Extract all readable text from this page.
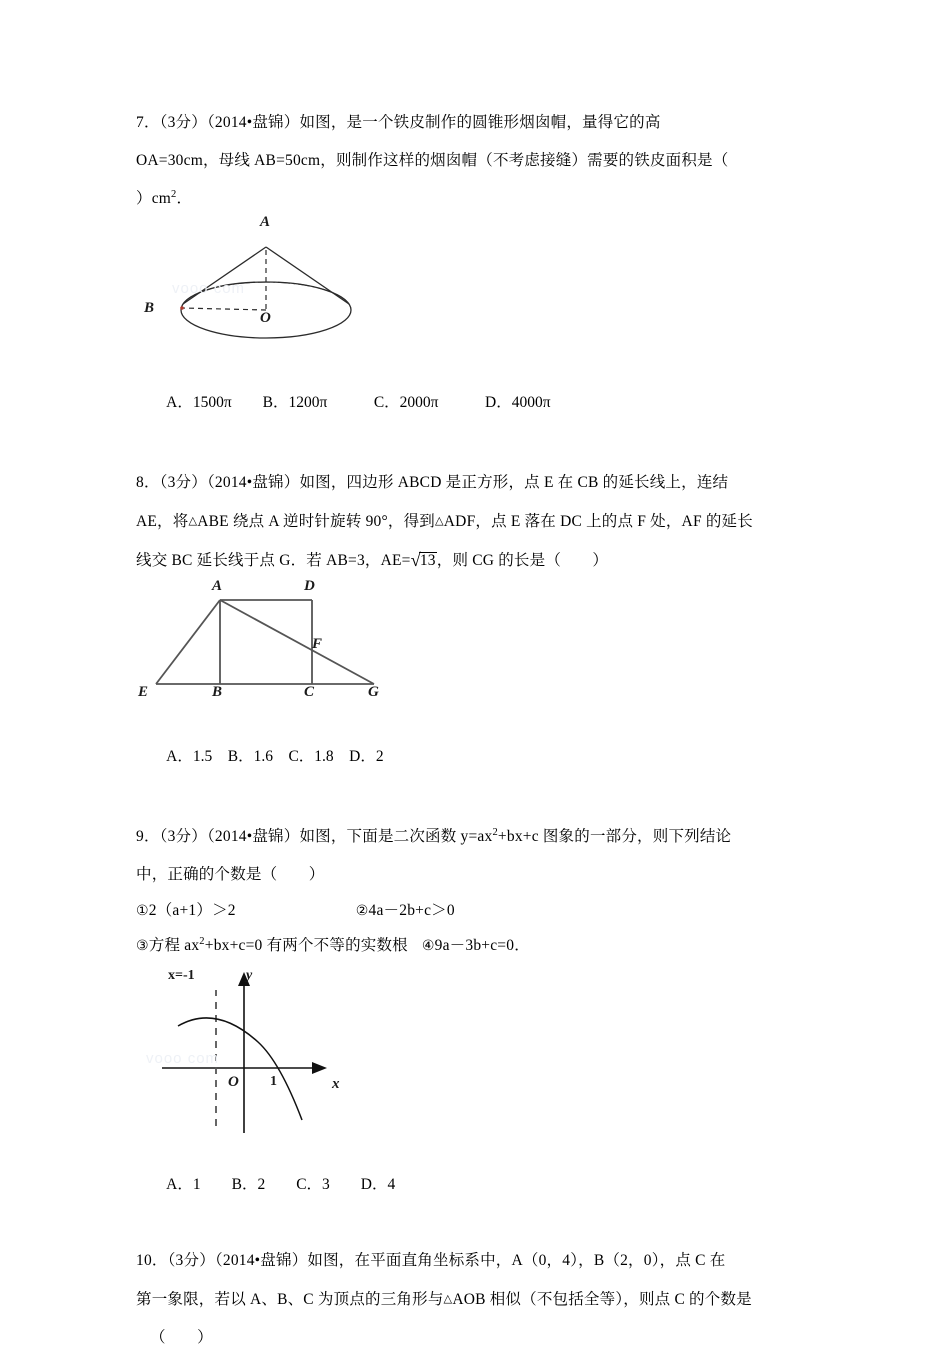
7．（3分）（2014•盘锦）如图，是一个铁皮制作的圆锥形烟囱帽，量得它的高
OA=30cm，母线 AB=50cm，则制作这样的烟囱帽（不考虑接缝）需要的铁皮面积是（
）$cm^2$．
A
B
O
vooo com

A．1500π　　B．1200π　　　C．2000π　　　D．4000π

8．（3分）（2014•盘锦）如图，四边形 ABCD 是正方形，点 E 在 CB 的延长线上，连结
AE，将△ABE 绕点 A 逆时针旋转 90°，得到△ADF，点 E 落在 DC 上的点 F 处，AF 的延长
线交 BC 延长线于点 G．若 AB=3，AE=√13，则 CG 的长是（　　）
A	D
F
E	B	C	G

A．1.5　B．1.6　C．1.8　D．2

9．（3分）（2014•盘锦）如图，下面是二次函数 $y=ax^2+bx+c$ 图象的一部分，则下列结论
中，正确的个数是（　　）
①2（a+1）＞2	②4a－2b+c＞0
③方程 $ax^2+bx+c=0$ 有两个不等的实数根 ④9a－3b+c=0．
x=-1	y
O 1	x
vooo com

A．1　　B．2　　C．3　　D．4

10．（3分）（2014•盘锦）如图，在平面直角坐标系中，A（0，4），B（2，0），点 C 在
第一象限，若以 A、B、C 为顶点的三角形与△AOB 相似（不包括全等），则点 C 的个数是
（　　）
